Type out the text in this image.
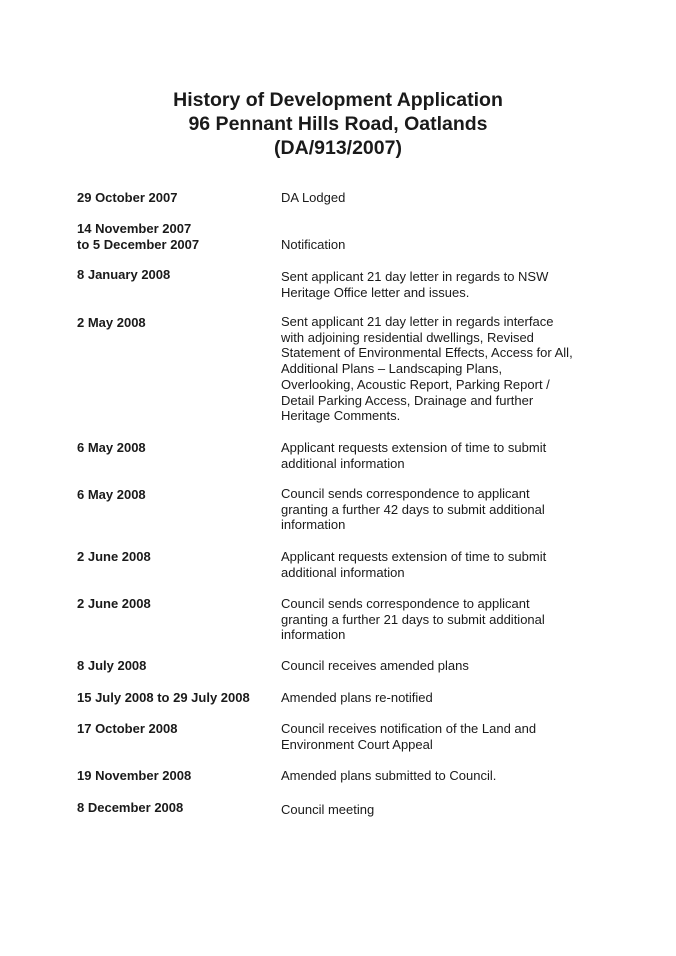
History of Development Application
96 Pennant Hills Road, Oatlands
(DA/913/2007)
29 October 2007	DA Lodged
14 November 2007
to 5 December 2007	Notification
8 January 2008	Sent applicant 21 day letter in regards to NSW
Heritage Office letter and issues.
2 May 2008	Sent applicant 21 day letter in regards interface
with adjoining residential dwellings, Revised
Statement of Environmental Effects, Access for All,
Additional Plans – Landscaping Plans,
Overlooking, Acoustic Report, Parking Report /
Detail Parking Access, Drainage and further
Heritage Comments.
6 May 2008	Applicant requests extension of time to submit
additional information
6 May 2008	Council sends correspondence to applicant
granting a further 42 days to submit additional
information
2 June 2008	Applicant requests extension of time to submit
additional information
2 June 2008	Council sends correspondence to applicant
granting a further 21 days to submit additional
information
8 July 2008	Council receives amended plans
15 July 2008 to 29 July 2008	Amended plans re-notified
17 October 2008	Council receives notification of the Land and
Environment Court Appeal
19 November 2008	Amended plans submitted to Council.
8 December 2008	Council meeting
